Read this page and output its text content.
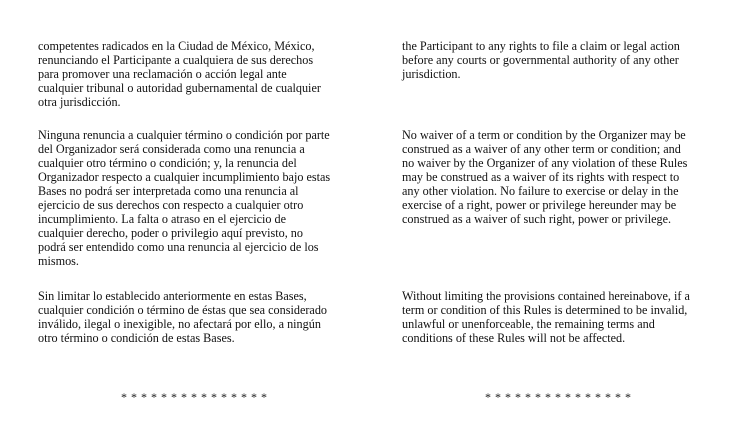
competentes radicados en la Ciudad de México, México,
renunciando el Participante a cualquiera de sus derechos
para promover una reclamación o acción legal ante
cualquier tribunal o autoridad gubernamental de cualquier
otra jurisdicción.

Ninguna renuncia a cualquier término o condición por parte
del Organizador será considerada como una renuncia a
cualquier otro término o condición; y, la renuncia del
Organizador respecto a cualquier incumplimiento bajo estas
Bases no podrá ser interpretada como una renuncia al
ejercicio de sus derechos con respecto a cualquier otro
incumplimiento. La falta o atraso en el ejercicio de
cualquier derecho, poder o privilegio aquí previsto, no
podrá ser entendido como una renuncia al ejercicio de los
mismos.

Sin limitar lo establecido anteriormente en estas Bases,
cualquier condición o término de éstas que sea considerado
inválido, ilegal o inexigible, no afectará por ello, a ningún
otro término o condición de estas Bases.

* * * * * * * * * * * * * * *

the Participant to any rights to file a claim or legal action
before any courts or governmental authority of any other
jurisdiction.

No waiver of a term or condition by the Organizer may be
construed as a waiver of any other term or condition; and
no waiver by the Organizer of any violation of these Rules
may be construed as a waiver of its rights with respect to
any other violation. No failure to exercise or delay in the
exercise of a right, power or privilege hereunder may be
construed as a waiver of such right, power or privilege.

Without limiting the provisions contained hereinabove, if a
term or condition of this Rules is determined to be invalid,
unlawful or unenforceable, the remaining terms and
conditions of these Rules will not be affected.

* * * * * * * * * * * * * * *
